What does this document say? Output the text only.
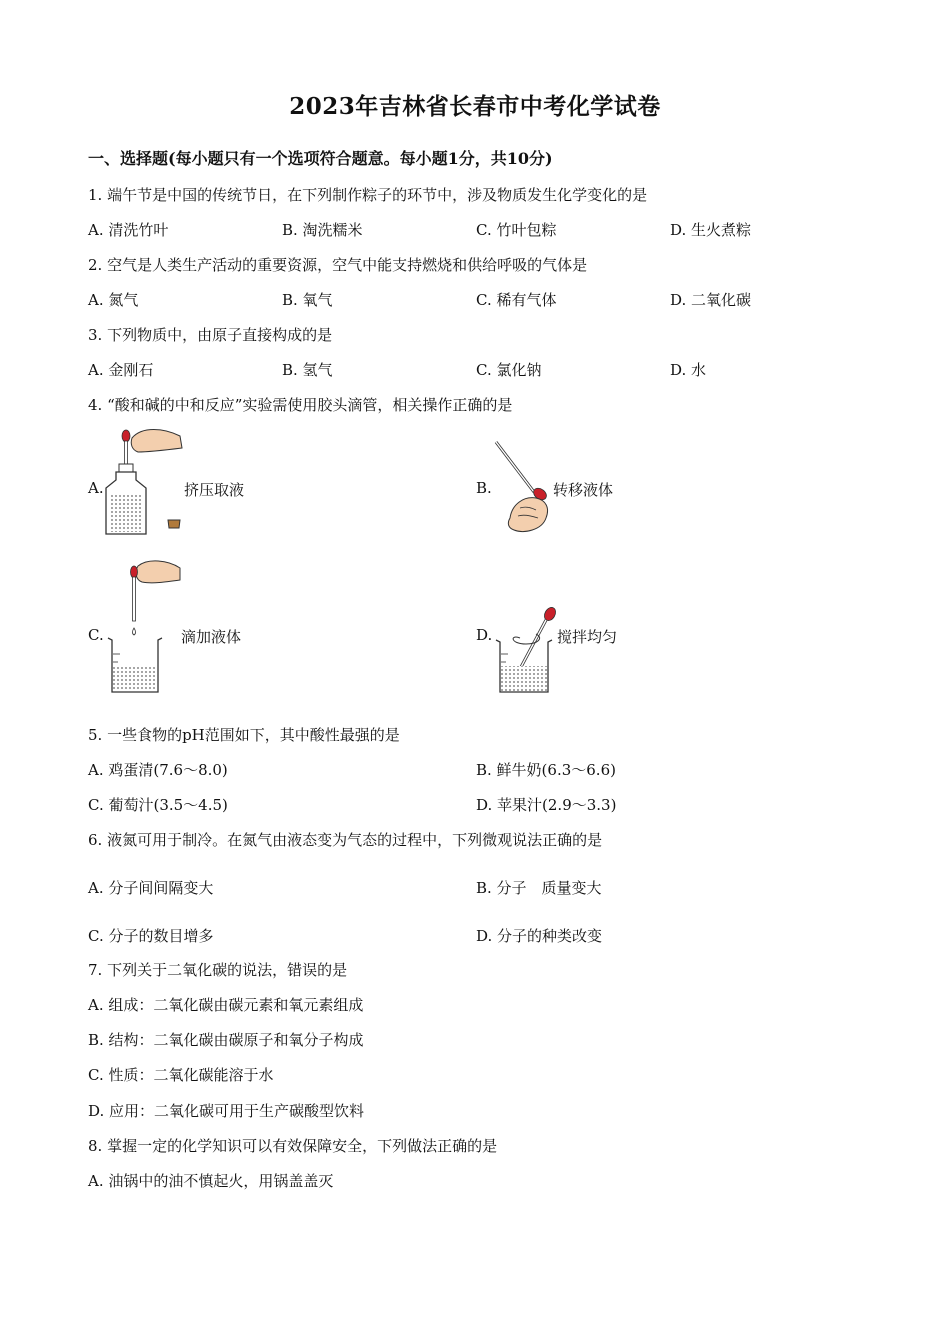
2023年吉林省长春市中考化学试卷
一、选择题(每小题只有一个选项符合题意。每小题1分，共10分)
1. 端午节是中国的传统节日，在下列制作粽子的环节中，涉及物质发生化学变化的是
A. 清洗竹叶	B. 淘洗糯米	C. 竹叶包粽	D. 生火煮粽
2. 空气是人类生产活动的重要资源，空气中能支持燃烧和供给呼吸的气体是
A. 氮气	B. 氧气	C. 稀有气体	D. 二氧化碳
3. 下列物质中，由原子直接构成的是
A. 金刚石	B. 氢气	C. 氯化钠	D. 水
4. “酸和碱的中和反应”实验需使用胶头滴管，相关操作正确的是
A.	挤压取液	B.	转移液体
C.	滴加液体	D.	搅拌均匀
5. 一些食物的pH范围如下，其中酸性最强的是
A. 鸡蛋清(7.6～8.0)	B. 鲜牛奶(6.3～6.6)
C. 葡萄汁(3.5～4.5)	D. 苹果汁(2.9～3.3)
6. 液氮可用于制冷。在氮气由液态变为气态的过程中，下列微观说法正确的是
A. 分子间间隔变大	B. 分子　质量变大
C. 分子的数目增多	D. 分子的种类改变
7. 下列关于二氧化碳的说法，错误的是
A. 组成：二氧化碳由碳元素和氧元素组成
B. 结构：二氧化碳由碳原子和氧分子构成
C. 性质：二氧化碳能溶于水
D. 应用：二氧化碳可用于生产碳酸型饮料
8. 掌握一定的化学知识可以有效保障安全，下列做法正确的是
A. 油锅中的油不慎起火，用锅盖盖灭
